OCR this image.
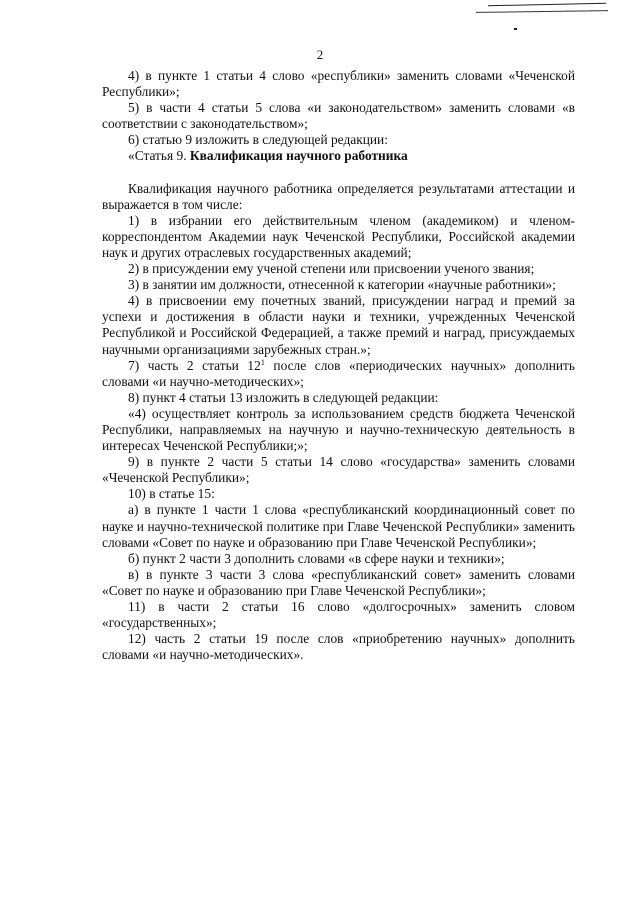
2

4) в пункте 1 статьи 4 слово «республики» заменить словами «Чеченской Республики»;

5) в части 4 статьи 5 слова «и законодательством» заменить словами «в соответствии с законодательством»;

6) статью 9 изложить в следующей редакции:

«Статья 9. Квалификация научного работника

Квалификация научного работника определяется результатами аттестации и выражается в том числе:

1) в избрании его действительным членом (академиком) и членом-корреспондентом Академии наук Чеченской Республики, Российской академии наук и других отраслевых государственных академий;

2) в присуждении ему ученой степени или присвоении ученого звания;

3) в занятии им должности, отнесенной к категории «научные работники»;

4) в присвоении ему почетных званий, присуждении наград и премий за успехи и достижения в области науки и техники, учрежденных Чеченской Республикой и Российской Федерацией, а также премий и наград, присуждаемых научными организациями зарубежных стран.»;

7) часть 2 статьи $12^1$ после слов «периодических научных» дополнить словами «и научно-методических»;

8) пункт 4 статьи 13 изложить в следующей редакции:

«4) осуществляет контроль за использованием средств бюджета Чеченской Республики, направляемых на научную и научно-техническую деятельность в интересах Чеченской Республики;»;

9) в пункте 2 части 5 статьи 14 слово «государства» заменить словами «Чеченской Республики»;

10) в статье 15:

а) в пункте 1 части 1 слова «республиканский координационный совет по науке и научно-технической политике при Главе Чеченской Республики» заменить словами «Совет по науке и образованию при Главе Чеченской Республики»;

б) пункт 2 части 3 дополнить словами «в сфере науки и техники»;

в) в пункте 3 части 3 слова «республиканский совет» заменить словами «Совет по науке и образованию при Главе Чеченской Республики»;

11) в части 2 статьи 16 слово «долгосрочных» заменить словом «государственных»;

12) часть 2 статьи 19 после слов «приобретению научных» дополнить словами «и научно-методических».
